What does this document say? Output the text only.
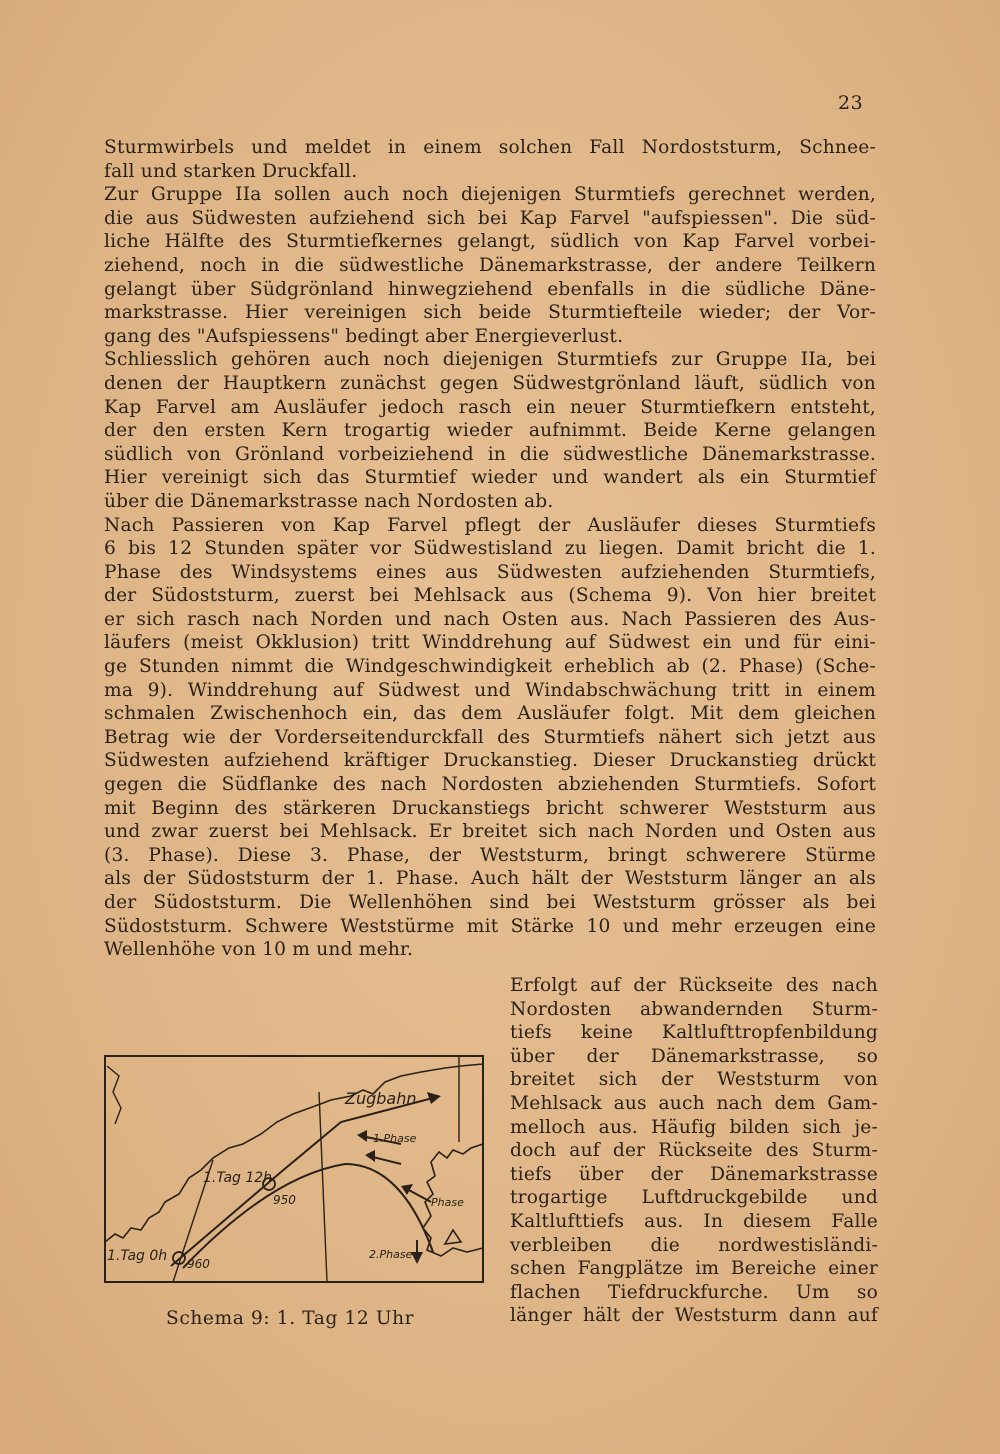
23
Sturmwirbels und meldet in einem solchen Fall Nordoststurm, Schnee-
fall und starken Druckfall.
Zur Gruppe IIa sollen auch noch diejenigen Sturmtiefs gerechnet werden,
die aus Südwesten aufziehend sich bei Kap Farvel "aufspiessen". Die süd-
liche Hälfte des Sturmtiefkernes gelangt, südlich von Kap Farvel vorbei-
ziehend, noch in die südwestliche Dänemarkstrasse, der andere Teilkern
gelangt über Südgrönland hinwegziehend ebenfalls in die südliche Däne-
markstrasse. Hier vereinigen sich beide Sturmtiefteile wieder; der Vor-
gang des "Aufspiessens" bedingt aber Energieverlust.
Schliesslich gehören auch noch diejenigen Sturmtiefs zur Gruppe IIa, bei
denen der Hauptkern zunächst gegen Südwestgrönland läuft, südlich von
Kap Farvel am Ausläufer jedoch rasch ein neuer Sturmtiefkern entsteht,
der den ersten Kern trogartig wieder aufnimmt. Beide Kerne gelangen
südlich von Grönland vorbeiziehend in die südwestliche Dänemarkstrasse.
Hier vereinigt sich das Sturmtief wieder und wandert als ein Sturmtief
über die Dänemarkstrasse nach Nordosten ab.
Nach Passieren von Kap Farvel pflegt der Ausläufer dieses Sturmtiefs
6 bis 12 Stunden später vor Südwestisland zu liegen. Damit bricht die 1.
Phase des Windsystems eines aus Südwesten aufziehenden Sturmtiefs,
der Südoststurm, zuerst bei Mehlsack aus (Schema 9). Von hier breitet
er sich rasch nach Norden und nach Osten aus. Nach Passieren des Aus-
läufers (meist Okklusion) tritt Winddrehung auf Südwest ein und für eini-
ge Stunden nimmt die Windgeschwindigkeit erheblich ab (2. Phase) (Sche-
ma 9). Winddrehung auf Südwest und Windabschwächung tritt in einem
schmalen Zwischenhoch ein, das dem Ausläufer folgt. Mit dem gleichen
Betrag wie der Vorderseitendurckfall des Sturmtiefs nähert sich jetzt aus
Südwesten aufziehend kräftiger Druckanstieg. Dieser Druckanstieg drückt
gegen die Südflanke des nach Nordosten abziehenden Sturmtiefs. Sofort
mit Beginn des stärkeren Druckanstiegs bricht schwerer Weststurm aus
und zwar zuerst bei Mehlsack. Er breitet sich nach Norden und Osten aus
(3. Phase). Diese 3. Phase, der Weststurm, bringt schwerere Stürme
als der Südoststurm der 1. Phase. Auch hält der Weststurm länger an als
der Südoststurm. Die Wellenhöhen sind bei Weststurm grösser als bei
Südoststurm. Schwere Weststürme mit Stärke 10 und mehr erzeugen eine
Wellenhöhe von 10 m und mehr.
Zugbahn
1.Phase
Phase
2.Phase
1.Tag 12h
1.Tag 0h
950
960
Schema 9: 1. Tag 12 Uhr
Erfolgt auf der Rückseite des nach
Nordosten abwandernden Sturm-
tiefs keine Kaltlufttropfenbildung
über der Dänemarkstrasse, so
breitet sich der Weststurm von
Mehlsack aus auch nach dem Gam-
melloch aus. Häufig bilden sich je-
doch auf der Rückseite des Sturm-
tiefs über der Dänemarkstrasse
trogartige Luftdruckgebilde und
Kaltlufttiefs aus. In diesem Falle
verbleiben die nordwestisländi-
schen Fangplätze im Bereiche einer
flachen Tiefdruckfurche. Um so
länger hält der Weststurm dann auf
